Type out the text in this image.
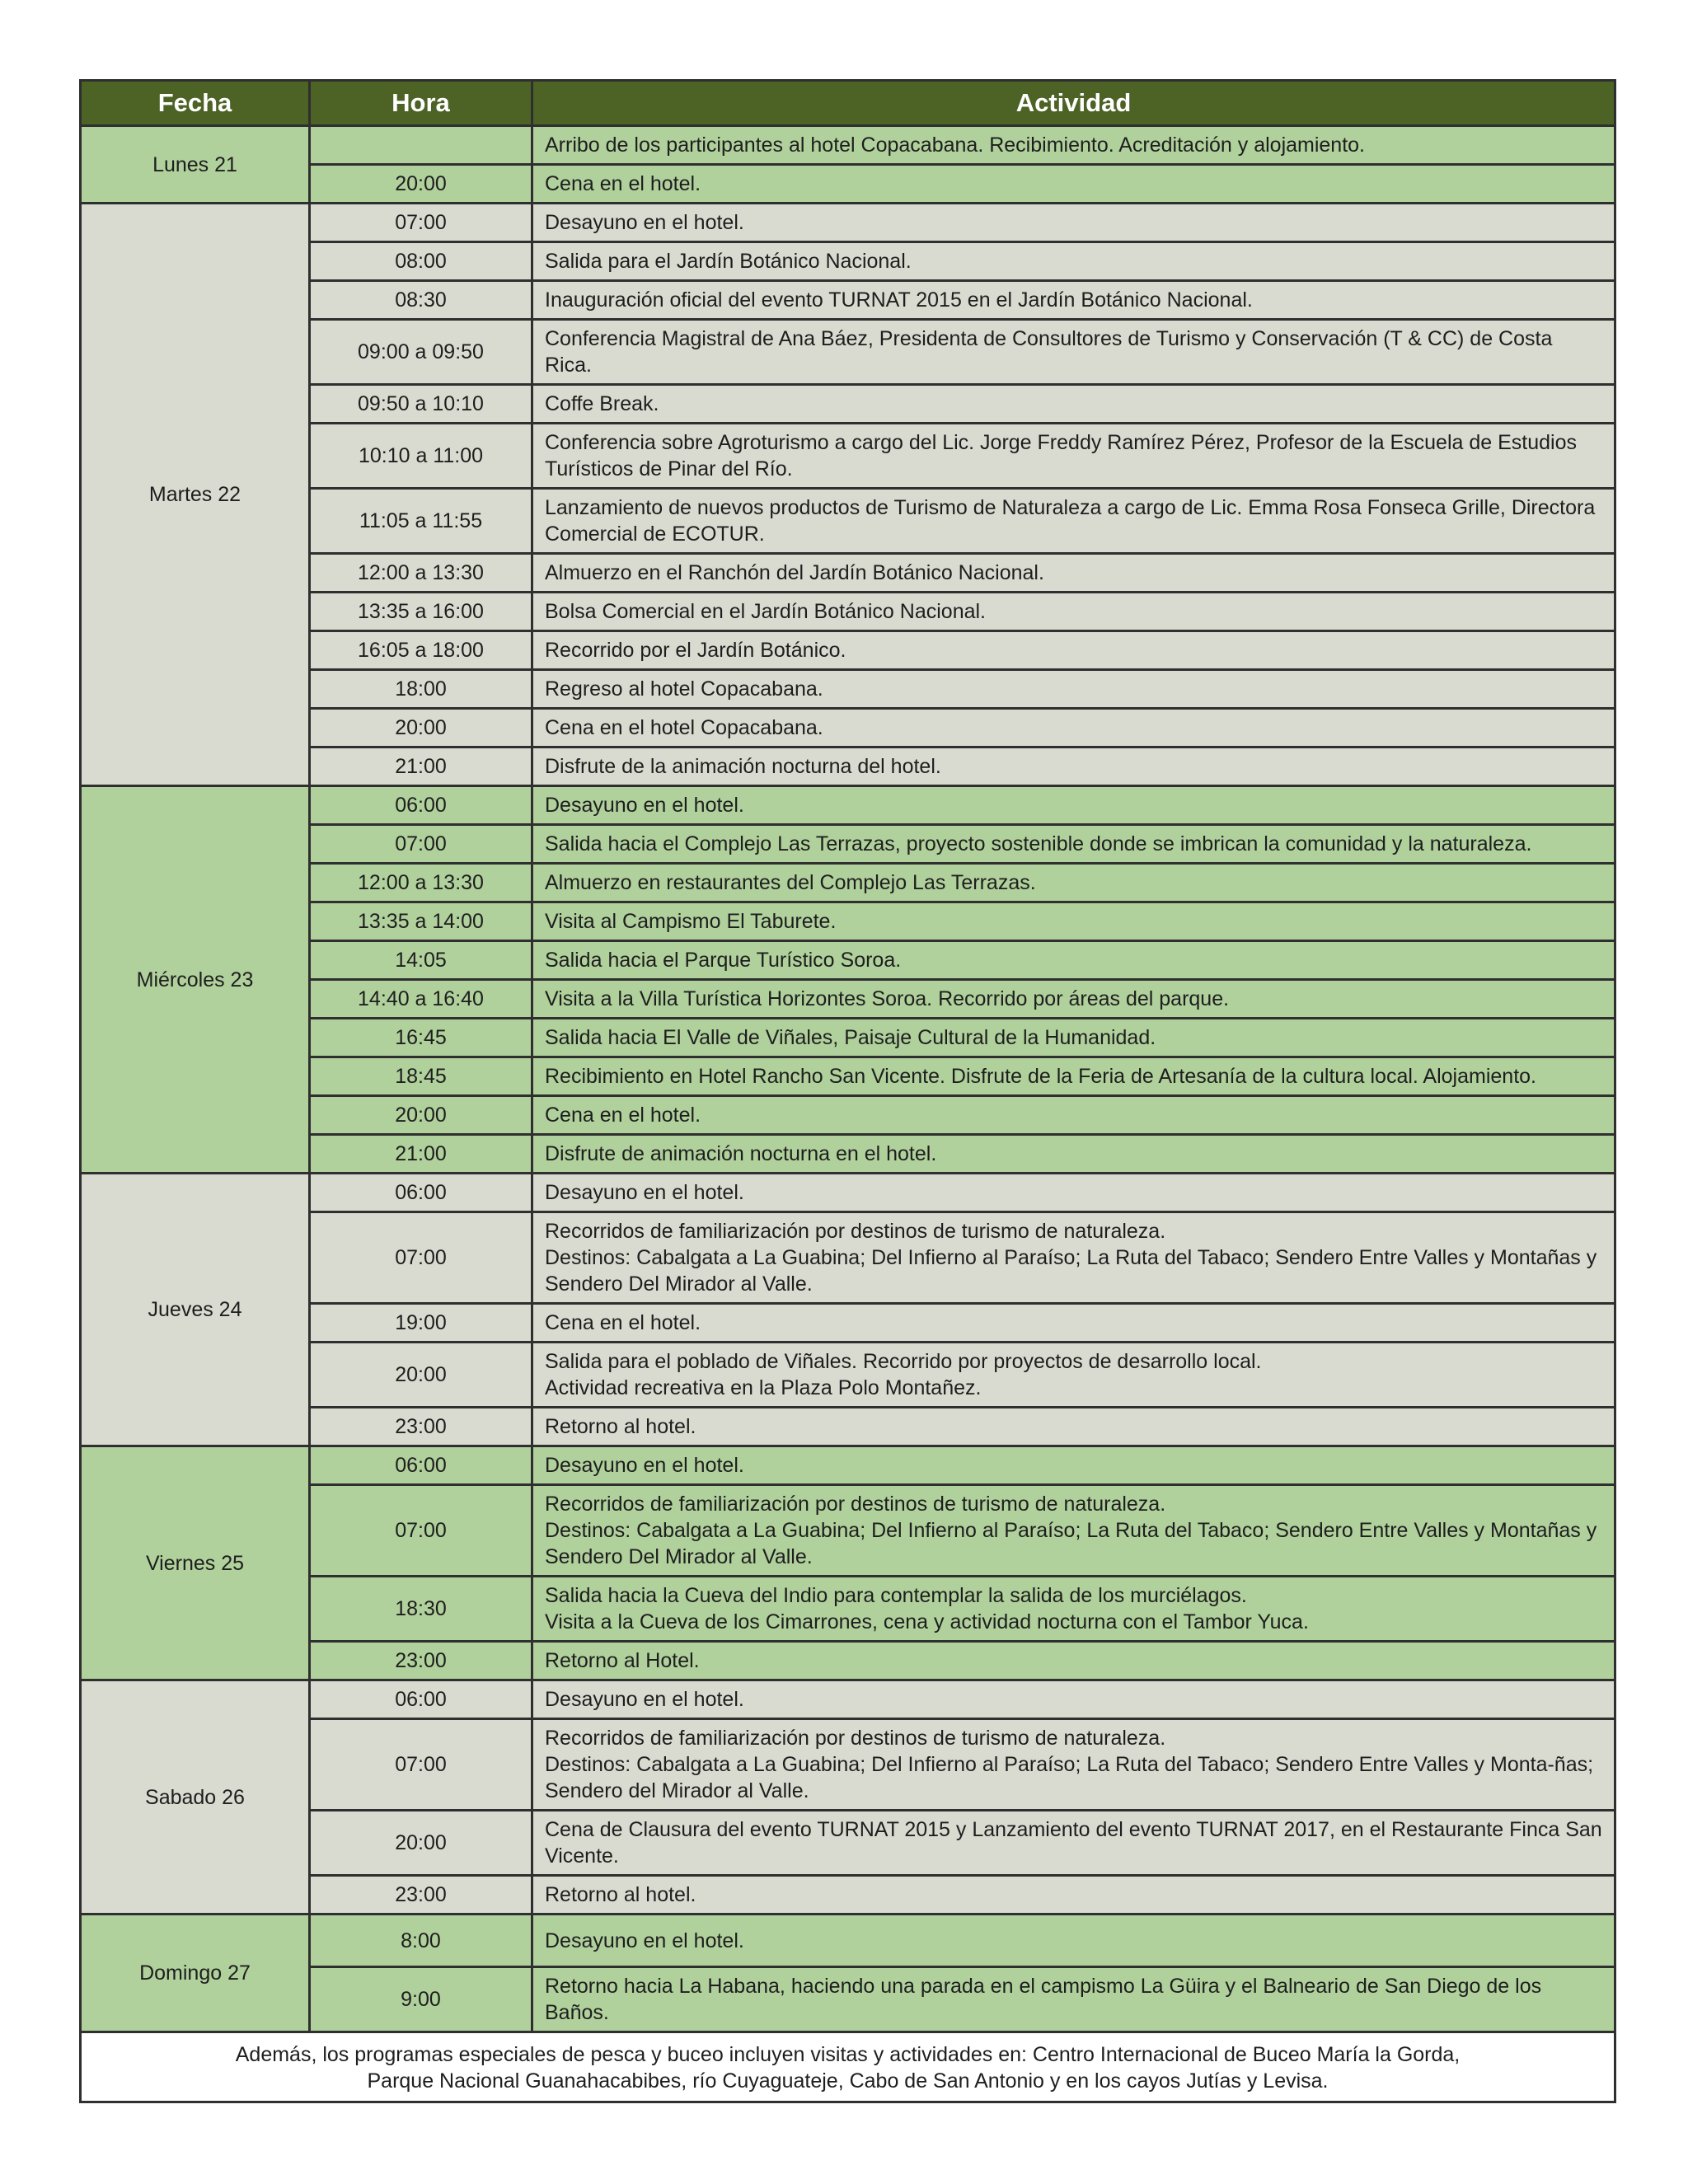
Fecha	Hora	Actividad
Lunes 21		Arribo de los participantes al hotel Copacabana. Recibimiento. Acreditación y alojamiento.

	20:00	Cena en el hotel.

Martes 22	07:00	Desayuno en el hotel.

	08:00	Salida para el Jardín Botánico Nacional.

	08:30	Inauguración oficial del evento TURNAT 2015 en el Jardín Botánico Nacional.

	09:00 a 09:50	Conferencia Magistral de Ana Báez, Presidenta de Consultores de Turismo y Conservación (T & CC) de Costa Rica.

	09:50 a 10:10	Coffe Break.

	10:10 a 11:00	Conferencia sobre Agroturismo a cargo del Lic. Jorge Freddy Ramírez Pérez, Profesor de la Escuela de Estudios Turísticos de Pinar del Río.

	11:05 a 11:55	Lanzamiento de nuevos productos de Turismo de Naturaleza a cargo de Lic. Emma Rosa Fonseca Grille, Directora Comercial de ECOTUR.

	12:00 a 13:30	Almuerzo en el Ranchón del Jardín Botánico Nacional.

	13:35 a 16:00	Bolsa Comercial en el Jardín Botánico Nacional.

	16:05 a 18:00	Recorrido por el Jardín Botánico.

	18:00	Regreso al hotel Copacabana.

	20:00	Cena en el hotel Copacabana.

	21:00	Disfrute de la animación nocturna del hotel.

Miércoles 23	06:00	Desayuno en el hotel.

	07:00	Salida hacia el Complejo Las Terrazas, proyecto sostenible donde se imbrican la comunidad y la naturaleza.

	12:00 a 13:30	Almuerzo en restaurantes del Complejo Las Terrazas.

	13:35 a 14:00	Visita al Campismo El Taburete.

	14:05	Salida hacia el Parque Turístico Soroa.

	14:40 a 16:40	Visita a la Villa Turística Horizontes Soroa. Recorrido por áreas del parque.

	16:45	Salida hacia El Valle de Viñales, Paisaje Cultural de la Humanidad.

	18:45	Recibimiento en Hotel Rancho San Vicente. Disfrute de la Feria de Artesanía de la cultura local. Alojamiento.

	20:00	Cena en el hotel.

	21:00	Disfrute de animación nocturna en el hotel.

Jueves 24	06:00	Desayuno en el hotel.

	07:00	Recorridos de familiarización por destinos de turismo de naturaleza.
Destinos: Cabalgata a La Guabina; Del Infierno al Paraíso; La Ruta del Tabaco; Sendero Entre Valles y Montañas y Sendero Del Mirador al Valle.

	19:00	Cena en el hotel.

	20:00	Salida para el poblado de Viñales. Recorrido por proyectos de desarrollo local.
Actividad recreativa en la Plaza Polo Montañez.

	23:00	Retorno al hotel.

Viernes 25	06:00	Desayuno en el hotel.

	07:00	Recorridos de familiarización por destinos de turismo de naturaleza.
Destinos: Cabalgata a La Guabina; Del Infierno al Paraíso; La Ruta del Tabaco; Sendero Entre Valles y Montañas y Sendero Del Mirador al Valle.

	18:30	Salida hacia la Cueva del Indio para contemplar la salida de los murciélagos.
Visita a la Cueva de los Cimarrones, cena y actividad nocturna con el Tambor Yuca.

	23:00	Retorno al Hotel.

Sabado 26	06:00	Desayuno en el hotel.

	07:00	Recorridos de familiarización por destinos de turismo de naturaleza.
Destinos: Cabalgata a La Guabina; Del Infierno al Paraíso; La Ruta del Tabaco; Sendero Entre Valles y Monta-ñas; Sendero del Mirador al Valle.

	20:00	Cena de Clausura del evento TURNAT 2015 y Lanzamiento del evento TURNAT 2017, en el Restaurante Finca San Vicente.

	23:00	Retorno al hotel.

Domingo 27	8:00	Desayuno en el hotel.

	9:00	Retorno hacia La Habana, haciendo una parada en el campismo La Güira y el Balneario de San Diego de los Baños.

Además, los programas especiales de pesca y buceo incluyen visitas y actividades en: Centro Internacional de Buceo María la Gorda,
Parque Nacional Guanahacabibes, río Cuyaguateje, Cabo de San Antonio y en los cayos Jutías y Levisa.		
